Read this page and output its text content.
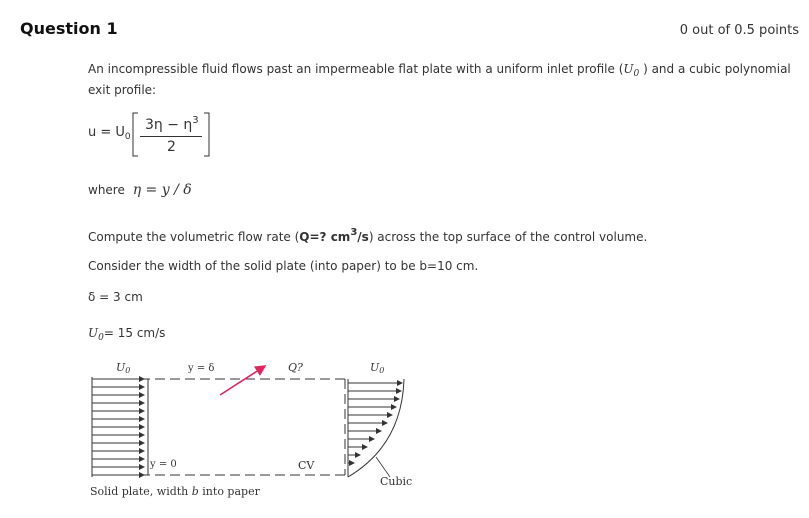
Question 1	0 out of 0.5 points
An incompressible fluid flows past an impermeable flat plate with a uniform inlet profile ($U_0$ ) and a cubic polynomial
exit profile:
$u = U_0$
$3\eta - \eta^3$
2
where η = y / δ
Compute the volumetric flow rate (Q=? $cm^3/s$) across the top surface of the control volume.
Consider the width of the solid plate (into paper) to be b=10 cm.
δ = 3 cm
$U_0= 15$ cm/s
U0	y = δ	Q?	U0
y = 0	CV
Cubic
Solid plate, width b into paper
